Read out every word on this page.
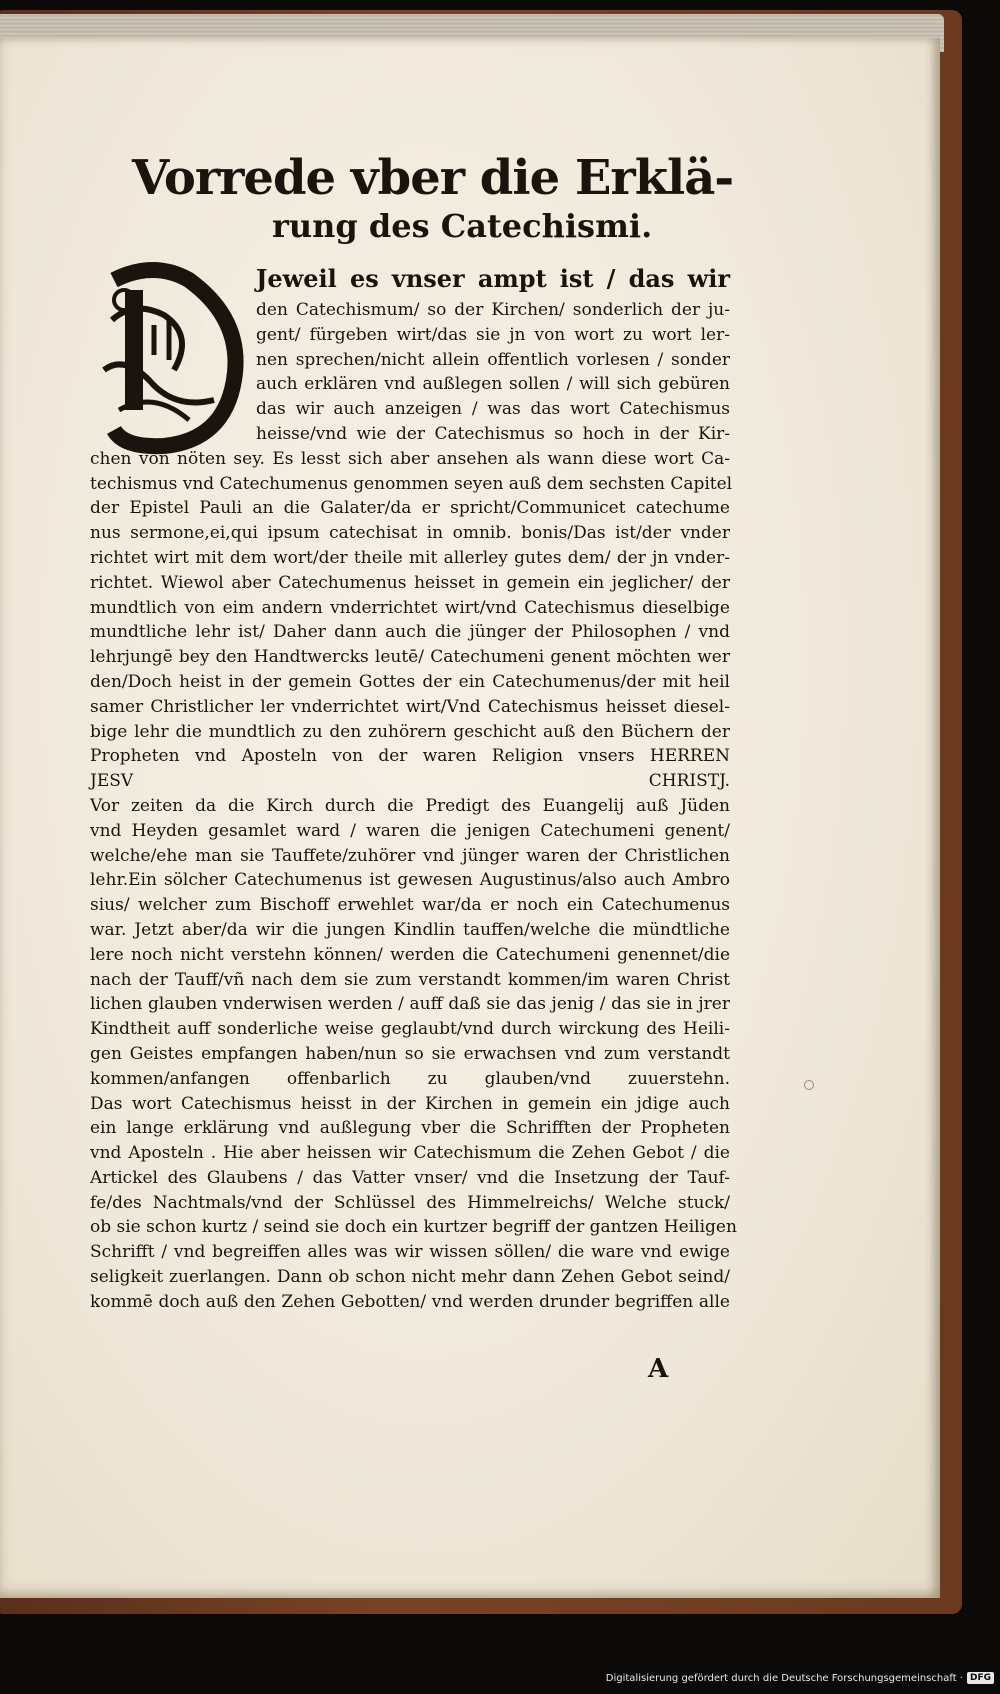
Vorrede vber die Erklä-
rung des Catechismi.
Jeweil es vnser ampt ist / das wir
den Catechismum/ so der Kirchen/ sonderlich der ju-
gent/ fürgeben wirt/das sie jn von wort zu wort ler-
nen sprechen/nicht allein offentlich vorlesen / sonder
auch erklären vnd außlegen sollen / will sich gebüren
das wir auch anzeigen / was das wort Catechismus
heisse/vnd wie der Catechismus so hoch in der Kir-
chen von nöten sey. Es lesst sich aber ansehen als wann diese wort Ca-
techismus vnd Catechumenus genommen seyen auß dem sechsten Capitel
der Epistel Pauli an die Galater/da er spricht/Communicet catechume
nus sermone,ei,qui ipsum catechisat in omnib. bonis/Das ist/der vnder
richtet wirt mit dem wort/der theile mit allerley gutes dem/ der jn vnder-
richtet. Wiewol aber Catechumenus heisset in gemein ein jeglicher/ der
mundtlich von eim andern vnderrichtet wirt/vnd Catechismus dieselbige
mundtliche lehr ist/ Daher dann auch die jünger der Philosophen / vnd
lehrjungē bey den Handtwercks leutē/ Catechumeni genent möchten wer
den/Doch heist in der gemein Gottes der ein Catechumenus/der mit heil
samer Christlicher ler vnderrichtet wirt/Vnd Catechismus heisset diesel-
bige lehr die mundtlich zu den zuhörern geschicht auß den Büchern der
Propheten vnd Aposteln von der waren Religion vnsers HERREN
JESV CHRISTJ.
Vor zeiten da die Kirch durch die Predigt des Euangelij auß Jüden
vnd Heyden gesamlet ward / waren die jenigen Catechumeni genent/
welche/ehe man sie Tauffete/zuhörer vnd jünger waren der Christlichen
lehr.Ein sölcher Catechumenus ist gewesen Augustinus/also auch Ambro
sius/ welcher zum Bischoff erwehlet war/da er noch ein Catechumenus
war. Jetzt aber/da wir die jungen Kindlin tauffen/welche die mündtliche
lere noch nicht verstehn können/ werden die Catechumeni genennet/die
nach der Tauff/vñ nach dem sie zum verstandt kommen/im waren Christ
lichen glauben vnderwisen werden / auff daß sie das jenig / das sie in jrer
Kindtheit auff sonderliche weise geglaubt/vnd durch wirckung des Heili-
gen Geistes empfangen haben/nun so sie erwachsen vnd zum verstandt
kommen/anfangen offenbarlich zu glauben/vnd zuuerstehn.
Das wort Catechismus heisst in der Kirchen in gemein ein jdige auch
ein lange erklärung vnd außlegung vber die Schrifften der Propheten
vnd Aposteln . Hie aber heissen wir Catechismum die Zehen Gebot / die
Artickel des Glaubens / das Vatter vnser/ vnd die Insetzung der Tauf-
fe/des Nachtmals/vnd der Schlüssel des Himmelreichs/ Welche stuck/
ob sie schon kurtz / seind sie doch ein kurtzer begriff der gantzen Heiligen
Schrifft / vnd begreiffen alles was wir wissen söllen/ die ware vnd ewige
seligkeit zuerlangen. Dann ob schon nicht mehr dann Zehen Gebot seind/
kommē doch auß den Zehen Gebotten/ vnd werden drunder begriffen alle
A
Digitalisierung gefördert durch die Deutsche Forschungsgemeinschaft · DFG
